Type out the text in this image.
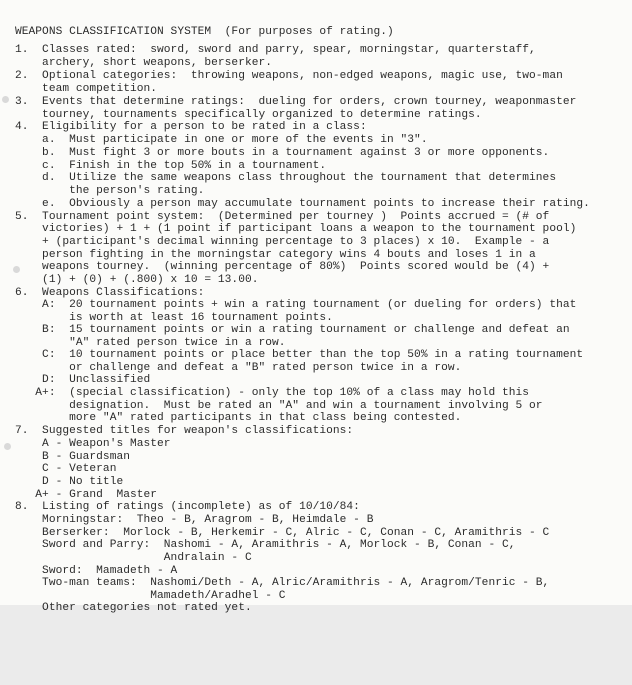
WEAPONS CLASSIFICATION SYSTEM  (For purposes of rating.)
1.  Classes rated:  sword, sword and parry, spear, morningstar, quarterstaff,
archery, short weapons, berserker.
2.  Optional categories:  throwing weapons, non-edged weapons, magic use, two-man
team competition.
3.  Events that determine ratings:  dueling for orders, crown tourney, weaponmaster
tourney, tournaments specifically organized to determine ratings.
4.  Eligibility for a person to be rated in a class:
a.  Must participate in one or more of the events in "3".
b.  Must fight 3 or more bouts in a tournament against 3 or more opponents.
c.  Finish in the top 50% in a tournament.
d.  Utilize the same weapons class throughout the tournament that determines
the person's rating.
e.  Obviously a person may accumulate tournament points to increase their rating.
5.  Tournament point system:  (Determined per tourney )  Points accrued = (# of
victories) + 1 + (1 point if participant loans a weapon to the tournament pool)
+ (participant's decimal winning percentage to 3 places) x 10.  Example - a
person fighting in the morningstar category wins 4 bouts and loses 1 in a
weapons tourney.  (winning percentage of 80%)  Points scored would be (4) +
(1) + (0) + (.800) x 10 = 13.00.
6.  Weapons Classifications:
A:  20 tournament points + win a rating tournament (or dueling for orders) that
is worth at least 16 tournament points.
B:  15 tournament points or win a rating tournament or challenge and defeat an
"A" rated person twice in a row.
C:  10 tournament points or place better than the top 50% in a rating tournament
or challenge and defeat a "B" rated person twice in a row.
D:  Unclassified
A+:  (special classification) - only the top 10% of a class may hold this
designation.  Must be rated an "A" and win a tournament involving 5 or
more "A" rated participants in that class being contested.
7.  Suggested titles for weapon's classifications:
A - Weapon's Master
B - Guardsman
C - Veteran
D - No title
A+ - Grand  Master
8.  Listing of ratings (incomplete) as of 10/10/84:
Morningstar:  Theo - B, Aragrom - B, Heimdale - B
Berserker:  Morlock - B, Herkemir - C, Alric - C, Conan - C, Aramithris - C
Sword and Parry:  Nashomi - A, Aramithris - A, Morlock - B, Conan - C,
Andralain - C
Sword:  Mamadeth - A
Two-man teams:  Nashomi/Deth - A, Alric/Aramithris - A, Aragrom/Tenric - B,
Mamadeth/Aradhel - C
Other categories not rated yet.
